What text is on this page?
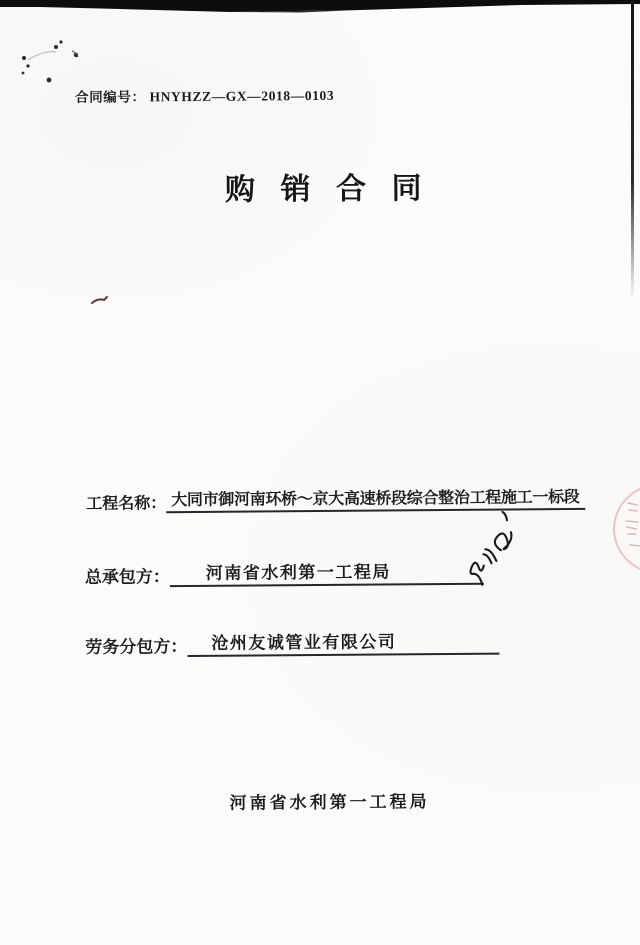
合同编号： HNYHZZ—GX—2018—0103
购 销 合 同
工程名称： 大同市御河南环桥～京大高速桥段综合整治工程施工一标段
总承包方： 河南省水利第一工程局
劳务分包方： 沧州友诚管业有限公司
河南省水利第一工程局
